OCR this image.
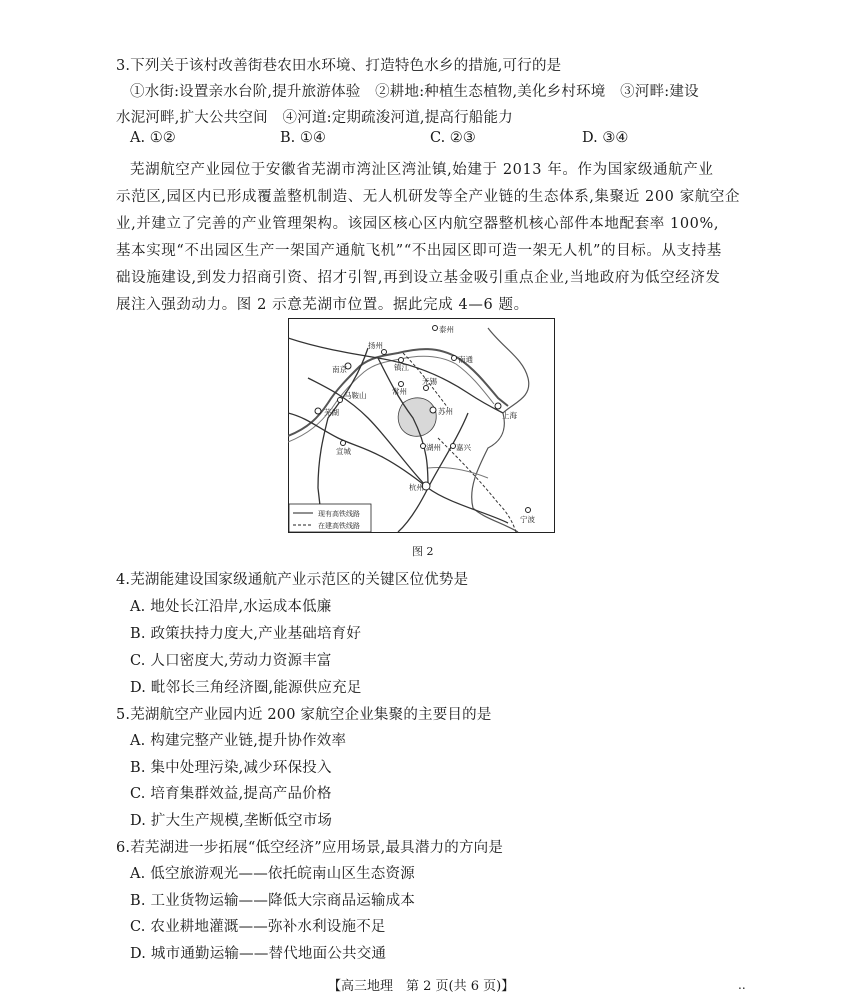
3.下列关于该村改善街巷农田水环境、打造特色水乡的措施,可行的是
①水街:设置亲水台阶,提升旅游体验　②耕地:种植生态植物,美化乡村环境　③河畔:建设
水泥河畔,扩大公共空间　④河道:定期疏浚河道,提高行船能力
A. ①②	B. ①④	C. ②③	D. ③④
芜湖航空产业园位于安徽省芜湖市湾沚区湾沚镇,始建于 2013 年。作为国家级通航产业
示范区,园区内已形成覆盖整机制造、无人机研发等全产业链的生态体系,集聚近 200 家航空企
业,并建立了完善的产业管理架构。该园区核心区内航空器整机核心部件本地配套率 100%,
基本实现“不出园区生产一架国产通航飞机”“不出园区即可造一架无人机”的目标。从支持基
础设施建设,到发力招商引资、招才引智,再到设立基金吸引重点企业,当地政府为低空经济发
展注入强劲动力。图 2 示意芜湖市位置。据此完成 4—6 题。
泰州
扬州
镇江
南通
南京
常州
无锡
马鞍山
苏州	上海
芜湖
湖州 嘉兴
宣城
杭州
宁波
现有高铁线路
在建高铁线路
图 2
4.芜湖能建设国家级通航产业示范区的关键区位优势是
A. 地处长江沿岸,水运成本低廉
B. 政策扶持力度大,产业基础培育好
C. 人口密度大,劳动力资源丰富
D. 毗邻长三角经济圈,能源供应充足
5.芜湖航空产业园内近 200 家航空企业集聚的主要目的是
A. 构建完整产业链,提升协作效率
B. 集中处理污染,减少环保投入
C. 培育集群效益,提高产品价格
D. 扩大生产规模,垄断低空市场
6.若芜湖进一步拓展“低空经济”应用场景,最具潜力的方向是
A. 低空旅游观光——依托皖南山区生态资源
B. 工业货物运输——降低大宗商品运输成本
C. 农业耕地灌溉——弥补水利设施不足
D. 城市通勤运输——替代地面公共交通
【高三地理　第 2 页(共 6 页)】	..
